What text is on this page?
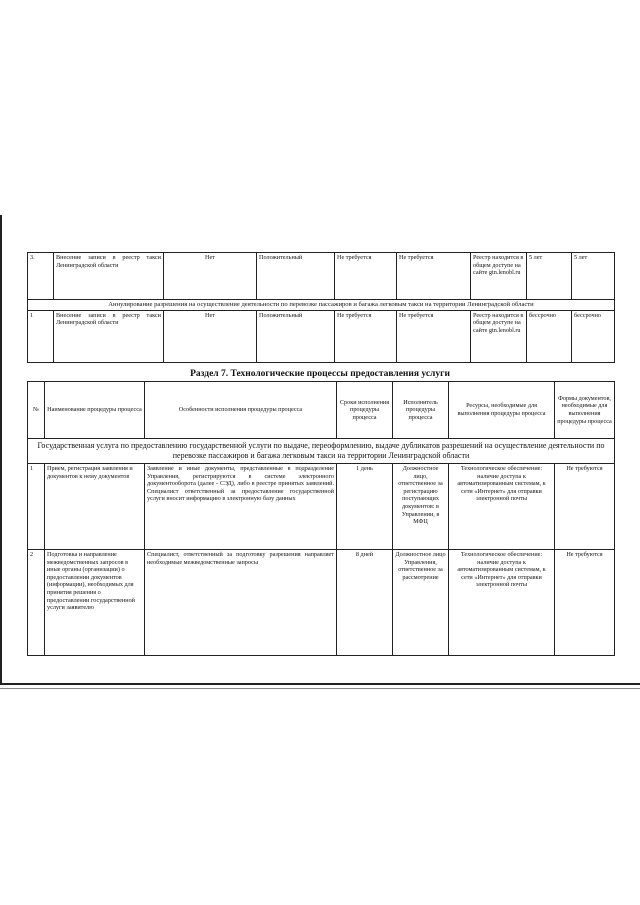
3.	Внесение записи в реестр такси Ленинградской области	Нет	Положительный	Не требуется	Не требуется	Реестр находится в общем доступе на сайте gtn.lenobl.ru	5 лет	5 лет
Аннулирование разрешения на осуществление деятельности по перевозке пассажиров и багажа легковым такси на территории Ленинградской области								
1	Внесение записи в реестр такси Ленинградской области	Нет	Положительный	Не требуется	Не требуется	Реестр находится в общем доступе на сайте gtn.lenobl.ru	бессрочно	бессрочно
Раздел 7. Технологические процессы предоставления услуги
№	Наименование процедуры процесса	Особенности исполнения процедуры процесса	Сроки исполнения процедуры процесса	Исполнитель процедуры процесса	Ресурсы, необходимые для выполнения процедуры процесса	Формы документов, необходимые для выполнения процедуры процесса
Государственная услуга по предоставлению государственной услуги по выдаче, переоформлению, выдаче дубликатов разрешений на осуществление деятельности по перевозке пассажиров и багажа легковым такси на территории Ленинградской области						
1	Прием, регистрация заявления и документов к нему документов	Заявление и иные документы, представленные в подразделение Управления, регистрируются в системе электронного документооборота (далее - СЭД), либо в реестре принятых заявлений. Специалист ответственный за предоставление государственной услуги вносит информацию в электронную базу данных	1 день	Должностное лицо, ответственное за регистрацию поступающих документов: в Управлении, в МФЦ	Технологическое обеспечение: наличие доступа к автоматизированным системам, к сети «Интернет» для отправки электронной почты	Не требуются
2	Подготовка и направление межведомственных запросов в иные органы (организации) о предоставлении документов (информации), необходимых для принятия решения о предоставлении государственной услуги заявителю	Специалист, ответственный за подготовку разрешения направляет необходимые межведомственные запросы	8 дней	Должностное лицо Управления, ответственное за рассмотрение	Технологическое обеспечение: наличие доступа к автоматизированным системам, к сети «Интернет» для отправки электронной почты	Не требуются
